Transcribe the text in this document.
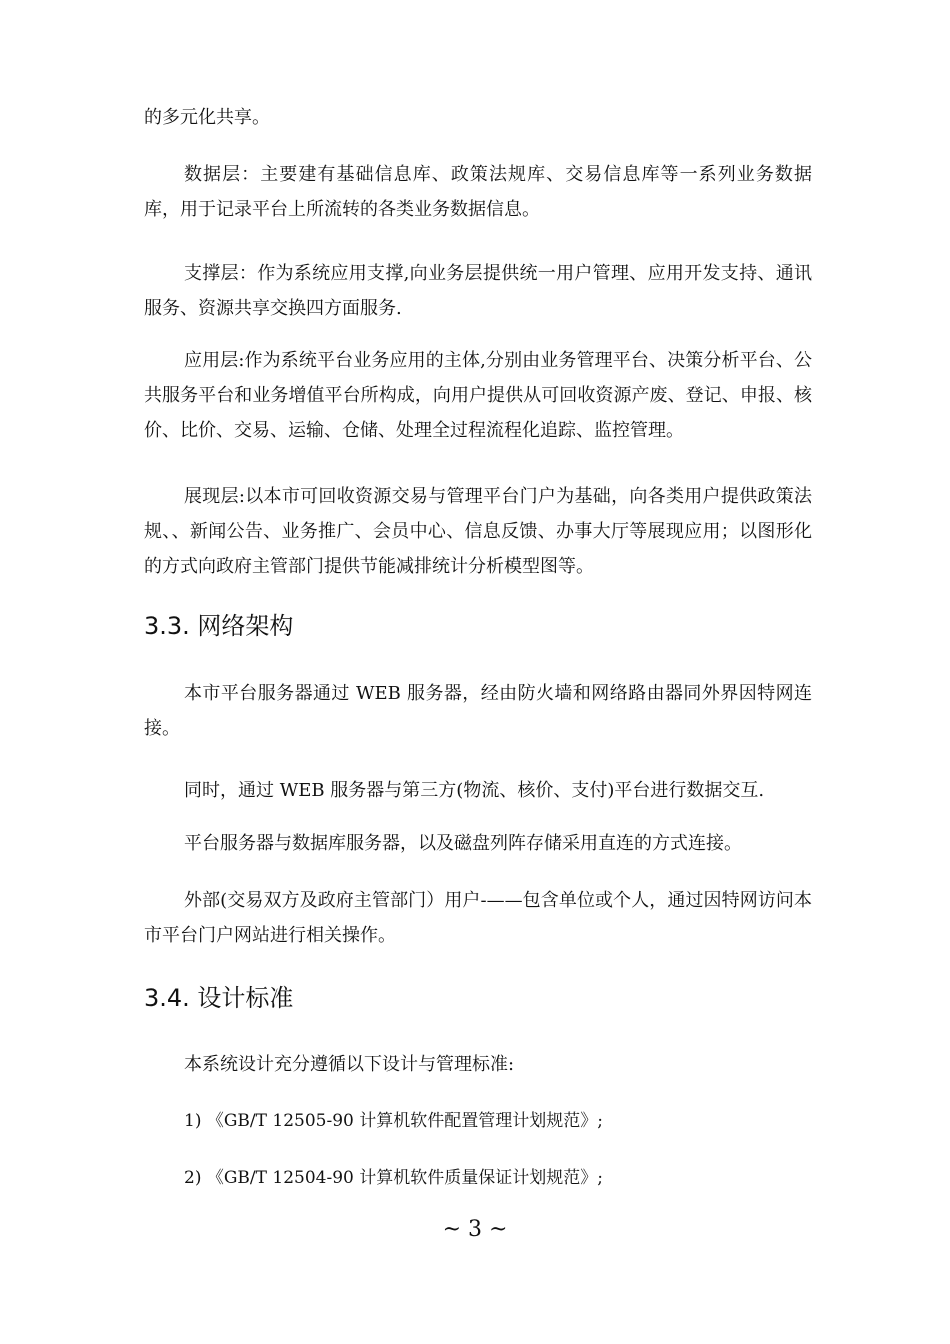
的多元化共享。

数据层：主要建有基础信息库、政策法规库、交易信息库等一系列业务数据库，用于记录平台上所流转的各类业务数据信息。

支撑层：作为系统应用支撑,向业务层提供统一用户管理、应用开发支持、通讯服务、资源共享交换四方面服务.

应用层:作为系统平台业务应用的主体,分别由业务管理平台、决策分析平台、公共服务平台和业务增值平台所构成，向用户提供从可回收资源产废、登记、申报、核价、比价、交易、运输、仓储、处理全过程流程化追踪、监控管理。

展现层:以本市可回收资源交易与管理平台门户为基础，向各类用户提供政策法规、、新闻公告、业务推广、会员中心、信息反馈、办事大厅等展现应用；以图形化的方式向政府主管部门提供节能减排统计分析模型图等。

3.3. 网络架构

本市平台服务器通过 WEB 服务器，经由防火墙和网络路由器同外界因特网连接。

同时，通过 WEB 服务器与第三方(物流、核价、支付)平台进行数据交互.

平台服务器与数据库服务器，以及磁盘列阵存储采用直连的方式连接。

外部(交易双方及政府主管部门）用户-——包含单位或个人，通过因特网访问本市平台门户网站进行相关操作。

3.4. 设计标准

本系统设计充分遵循以下设计与管理标准:

1) 《GB/T 12505-90 计算机软件配置管理计划规范》;

2) 《GB/T 12504-90 计算机软件质量保证计划规范》;

~ 3 ~
